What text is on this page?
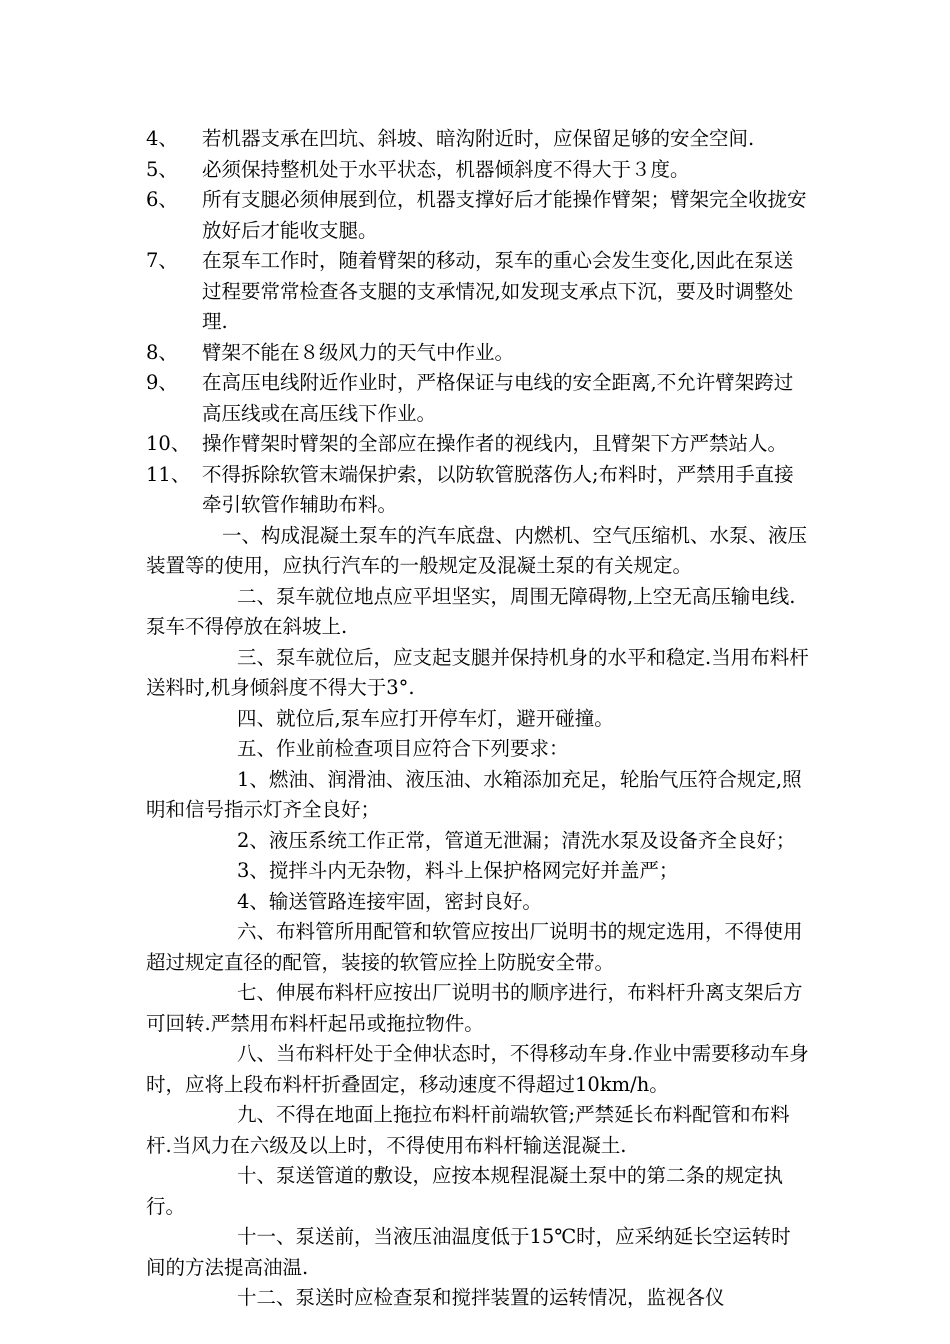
4、 若机器支承在凹坑、斜坡、暗沟附近时，应保留足够的安全空间.
5、 必须保持整机处于水平状态，机器倾斜度不得大于３度。
6、 所有支腿必须伸展到位，机器支撑好后才能操作臂架；臂架完全收拢安放好后才能收支腿。
7、 在泵车工作时，随着臂架的移动，泵车的重心会发生变化,因此在泵送过程要常常检查各支腿的支承情况,如发现支承点下沉，要及时调整处理.
8、 臂架不能在８级风力的天气中作业。
9、 在高压电线附近作业时，严格保证与电线的安全距离,不允许臂架跨过高压线或在高压线下作业。
10、 操作臂架时臂架的全部应在操作者的视线内，且臂架下方严禁站人。
11、 不得拆除软管末端保护索，以防软管脱落伤人;布料时，严禁用手直接牵引软管作辅助布料。

一、构成混凝土泵车的汽车底盘、内燃机、空气压缩机、水泵、液压装置等的使用，应执行汽车的一般规定及混凝土泵的有关规定。

二、泵车就位地点应平坦坚实，周围无障碍物,上空无高压输电线.泵车不得停放在斜坡上.

三、泵车就位后，应支起支腿并保持机身的水平和稳定.当用布料杆送料时,机身倾斜度不得大于3°.

四、就位后,泵车应打开停车灯，避开碰撞。

五、作业前检查项目应符合下列要求：

1、燃油、润滑油、液压油、水箱添加充足，轮胎气压符合规定,照明和信号指示灯齐全良好；

2、液压系统工作正常，管道无泄漏；清洗水泵及设备齐全良好；

3、搅拌斗内无杂物，料斗上保护格网完好并盖严；

4、输送管路连接牢固，密封良好。

六、布料管所用配管和软管应按出厂说明书的规定选用，不得使用超过规定直径的配管，装接的软管应拴上防脱安全带。

七、伸展布料杆应按出厂说明书的顺序进行，布料杆升离支架后方可回转.严禁用布料杆起吊或拖拉物件。

八、当布料杆处于全伸状态时，不得移动车身.作业中需要移动车身时，应将上段布料杆折叠固定，移动速度不得超过10km/h。

九、不得在地面上拖拉布料杆前端软管;严禁延长布料配管和布料杆.当风力在六级及以上时，不得使用布料杆输送混凝土.

十、泵送管道的敷设，应按本规程混凝土泵中的第二条的规定执行。

十一、泵送前，当液压油温度低于15℃时，应采纳延长空运转时间的方法提高油温.

十二、泵送时应检查泵和搅拌装置的运转情况，监视各仪
